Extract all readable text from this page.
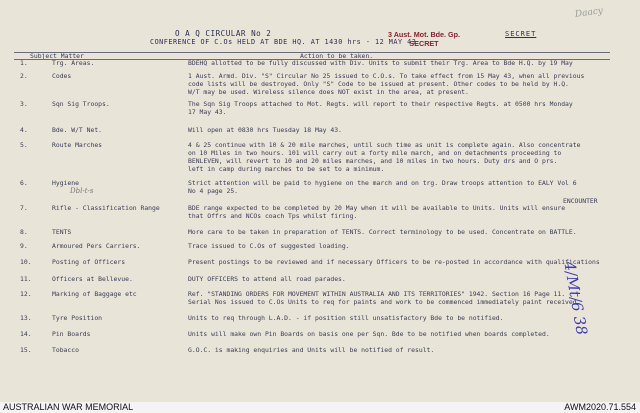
Daacy
O A Q CIRCULAR No 2
CONFERENCE OF C.Os HELD AT BDE HQ. AT 1430 hrs - 12 MAY 43
3 Aust. Mot. Bde. Gp.
SECRET
SECRET
Subject Matter	Action to be taken.
1.	Trg. Areas.	BDEHQ allotted to be fully discussed with Div. Units to submit their Trg. Area to Bde H.Q. by 19 May
2.	Codes	1 Aust. Armd. Div. "S" Circular No 25 issued to C.O.s. To take effect from 15 May 43, when all previous
code lists will be destroyed. Only "S" Code to be issued at present. Other codes to be held by H.Q.
W/T may be used. Wireless silence does NOT exist in the area, at present.
3.	Sqn Sig Troops.	The Sqn Sig Troops attached to Mot. Regts. will report to their respective Regts. at 0500 hrs Monday
17 May 43.
4.	Bde. W/T Net.	Will open at 0830 hrs Tuesday 18 May 43.
5.	Route Marches	4 & 25 continue with 10 & 20 mile marches, until such time as unit is complete again. Also concentrate
on 10 Miles in two hours. 101 will carry out a forty mile march, and on detachments proceeding to
BENLEVEN, will revert to 10 and 20 miles marches, and 10 miles in two hours. Duty drs and O prs.
left in camp during marches to be set to a minimum.
6.	Hygiene	Strict attention will be paid to hygiene on the march and on trg. Draw troops attention to EALY Vol 6
No 4 page 25.
7.	Rifle - Classification Range	BDE range expected to be completed by 20 May when it will be available to Units. Units will ensure
that Offrs and NCOs coach Tps whilst firing.
ENCOUNTER
8.	TENTS	More care to be taken in preparation of TENTS. Correct terminology to be used. Concentrate on BATTLE.
9.	Armoured Pers Carriers.	Trace issued to C.Os of suggested loading.
10.	Posting of Officers	Present postings to be reviewed and if necessary Officers to be re-posted in accordance with qualifications
11.	Officers at Bellevue.	DUTY OFFICERS to attend all road parades.
12.	Marking of Baggage etc	Ref. "STANDING ORDERS FOR MOVEMENT WITHIN AUSTRALIA AND ITS TERRITORIES" 1942. Section 16 Page 11.
Serial Nos issued to C.Os Units to req for paints and work to be commenced immediately paint received.
13.	Tyre Position	Units to req through L.A.D. - if position still unsatisfactory Bde to be notified.
14.	Pin Boards	Units will make own Pin Boards on basis one per Sqn. Bde to be notified when boards completed.
15.	Tobacco	G.O.C. is making enquiries and Units will be notified of result.
Dbl-t-s
4/Mt/6 38
AUSTRALIAN WAR MEMORIAL	AWM2020.71.554
